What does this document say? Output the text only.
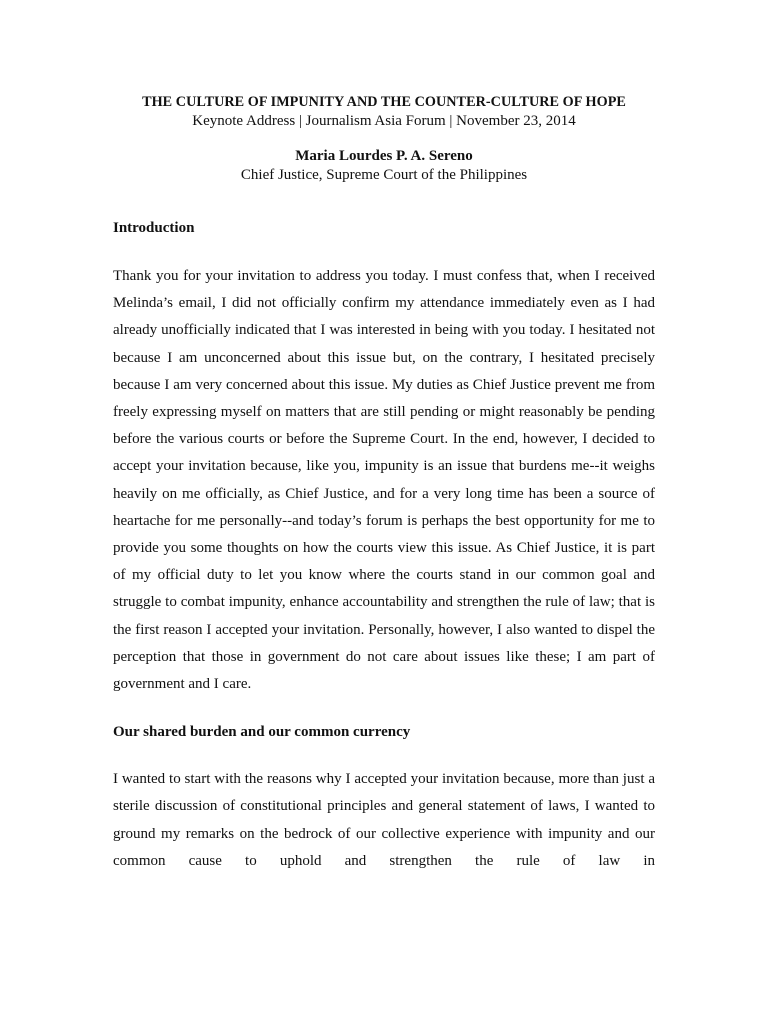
THE CULTURE OF IMPUNITY AND THE COUNTER-CULTURE OF HOPE
Keynote Address | Journalism Asia Forum | November 23, 2014
Maria Lourdes P. A. Sereno
Chief Justice, Supreme Court of the Philippines

Introduction

Thank you for your invitation to address you today. I must confess that, when I received Melinda’s email, I did not officially confirm my attendance immediately even as I had already unofficially indicated that I was interested in being with you today. I hesitated not because I am unconcerned about this issue but, on the contrary, I hesitated precisely because I am very concerned about this issue. My duties as Chief Justice prevent me from freely expressing myself on matters that are still pending or might reasonably be pending before the various courts or before the Supreme Court. In the end, however, I decided to accept your invitation because, like you, impunity is an issue that burdens me--it weighs heavily on me officially, as Chief Justice, and for a very long time has been a source of heartache for me personally--and today’s forum is perhaps the best opportunity for me to provide you some thoughts on how the courts view this issue. As Chief Justice, it is part of my official duty to let you know where the courts stand in our common goal and struggle to combat impunity, enhance accountability and strengthen the rule of law; that is the first reason I accepted your invitation. Personally, however, I also wanted to dispel the perception that those in government do not care about issues like these; I am part of government and I care.

Our shared burden and our common currency

I wanted to start with the reasons why I accepted your invitation because, more than just a sterile discussion of constitutional principles and general statement of laws, I wanted to ground my remarks on the bedrock of our collective experience with impunity and our common cause to uphold and strengthen the rule of law in
